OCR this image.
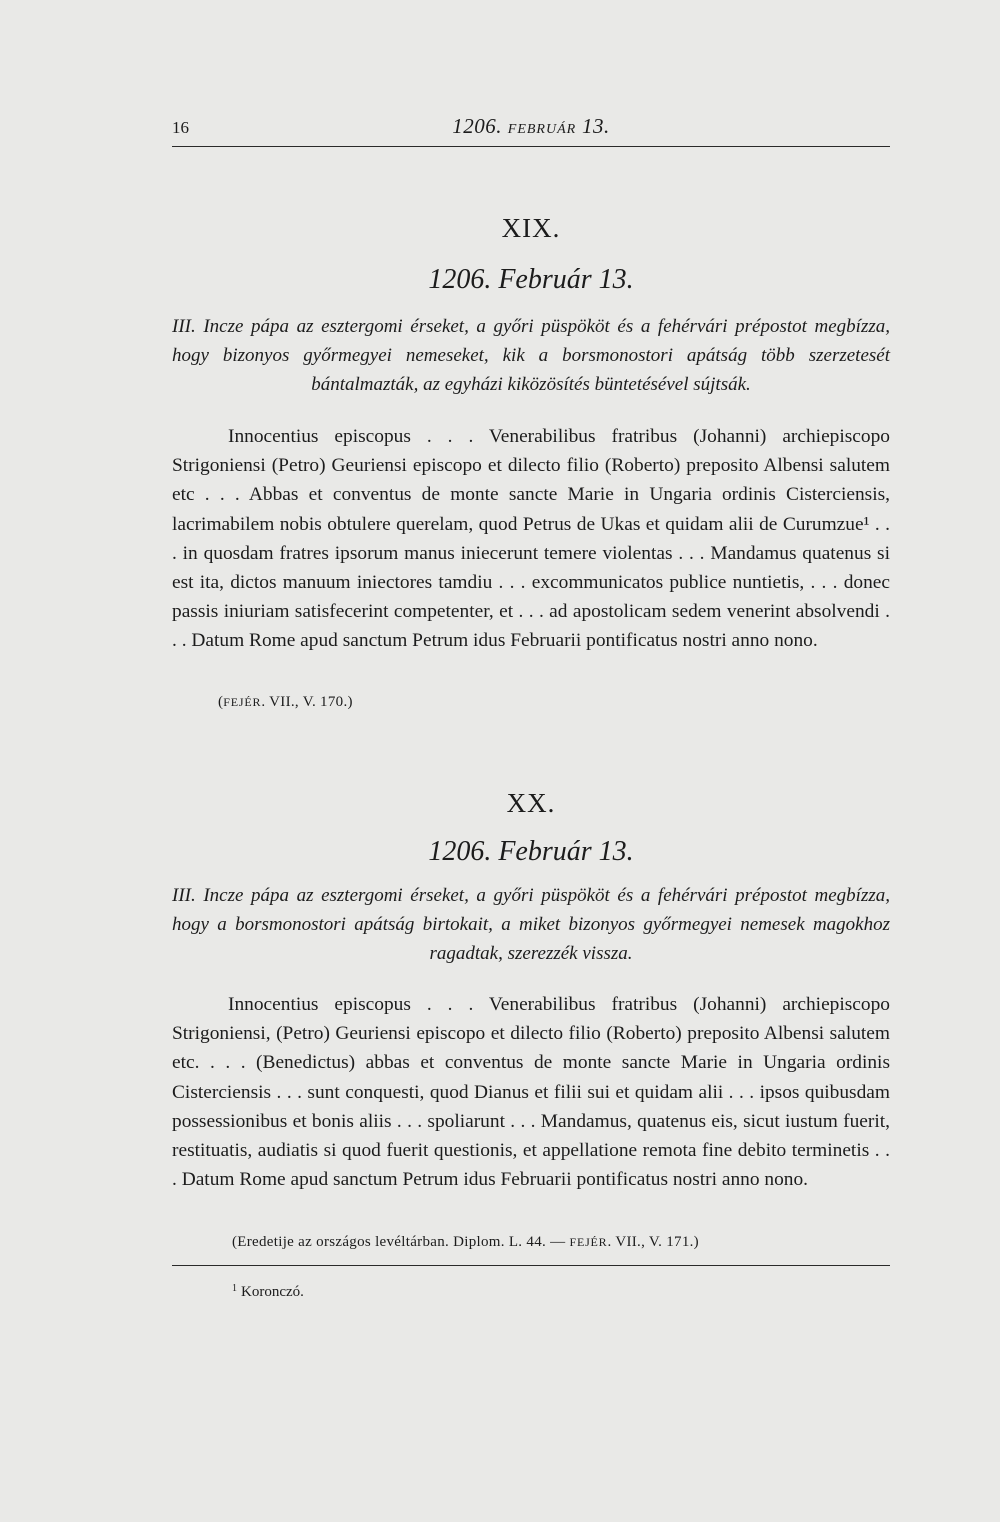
16	1206. FEBRUÁR 13.
XIX.
1206. Február 13.
III. Incze pápa az esztergomi érseket, a győri püspököt és a fehérvári prépostot megbízza, hogy bizonyos győrmegyei nemeseket, kik a borsmonostori apátság több szerzetesét bántalmazták, az egyházi kiközösítés büntetésével sújtsák.
Innocentius episcopus . . . Venerabilibus fratribus (Johanni) archiepiscopo Strigoniensi (Petro) Geuriensi episcopo et dilecto filio (Roberto) preposito Albensi salutem etc . . . Abbas et conventus de monte sancte Marie in Ungaria ordinis Cisterciensis, lacrimabilem nobis obtulere querelam, quod Petrus de Ukas et quidam alii de Curumzue¹ . . . in quosdam fratres ipsorum manus iniecerunt temere violentas . . . Mandamus quatenus si est ita, dictos manuum iniectores tamdiu . . . excommunicatos publice nuntietis, . . . donec passis iniuriam satisfecerint competenter, et . . . ad apostolicam sedem venerint absolvendi . . . Datum Rome apud sanctum Petrum idus Februarii pontificatus nostri anno nono.
(FEJÉR. VII., V. 170.)
XX.
1206. Február 13.
III. Incze pápa az esztergomi érseket, a győri püspököt és a fehérvári prépostot megbízza, hogy a borsmonostori apátság birtokait, a miket bizonyos győrmegyei nemesek magokhoz ragadtak, szerezzék vissza.
Innocentius episcopus . . . Venerabilibus fratribus (Johanni) archiepiscopo Strigoniensi, (Petro) Geuriensi episcopo et dilecto filio (Roberto) preposito Albensi salutem etc. . . . (Benedictus) abbas et conventus de monte sancte Marie in Ungaria ordinis Cisterciensis . . . sunt conquesti, quod Dianus et filii sui et quidam alii . . . ipsos quibusdam possessionibus et bonis aliis . . . spoliarunt . . . Mandamus, quatenus eis, sicut iustum fuerit, restituatis, audiatis si quod fuerit questionis, et appellatione remota fine debito terminetis . . . Datum Rome apud sanctum Petrum idus Februarii pontificatus nostri anno nono.
(Eredetije az országos levéltárban. Diplom. L. 44. — FEJÉR. VII., V. 171.)
$^1$ Koronczó.
